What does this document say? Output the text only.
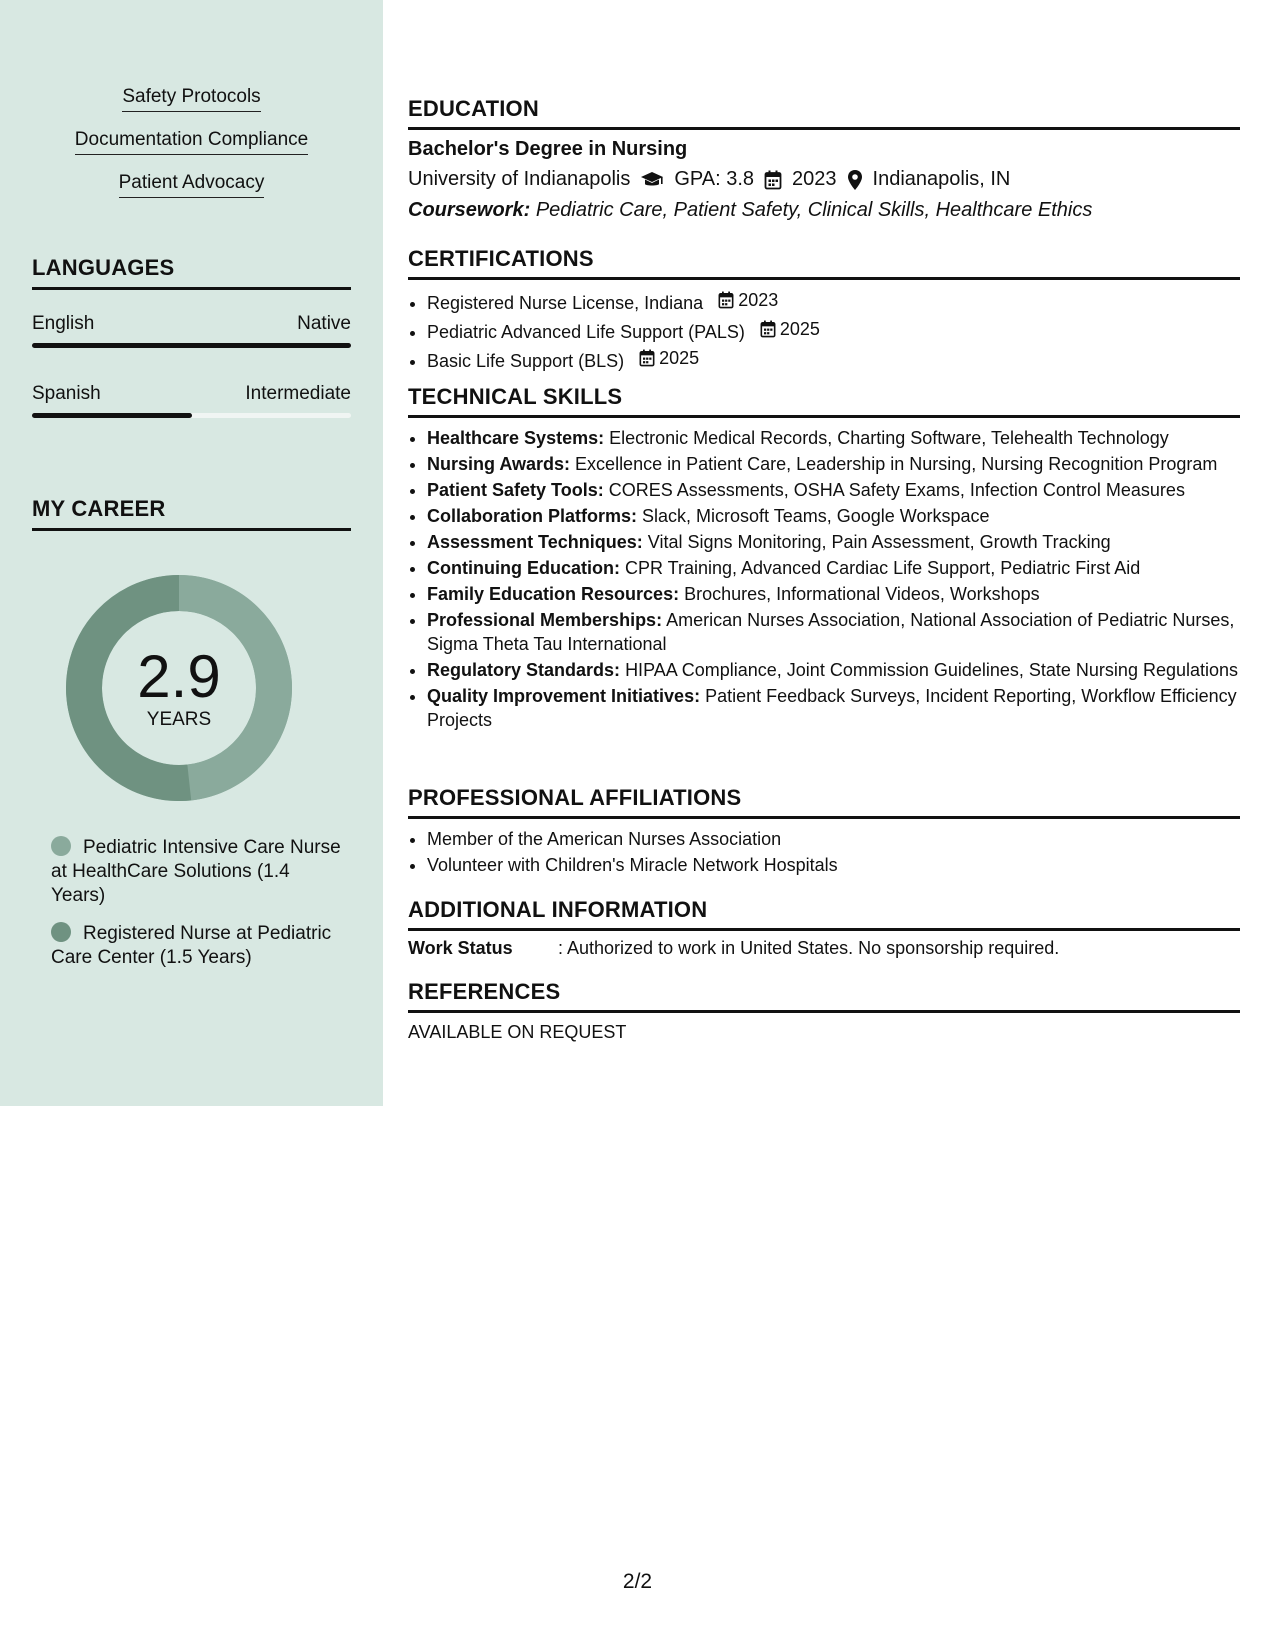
Safety Protocols
Documentation Compliance
Patient Advocacy
LANGUAGES
English	Native
Spanish	Intermediate
MY CAREER
2.9
YEARS
Pediatric Intensive Care Nurse at HealthCare Solutions (1.4 Years)
Registered Nurse at Pediatric Care Center (1.5 Years)
EDUCATION
Bachelor's Degree in Nursing
University of Indianapolis GPA: 3.8 2023 Indianapolis, IN
Coursework: Pediatric Care, Patient Safety, Clinical Skills, Healthcare Ethics
CERTIFICATIONS
• Registered Nurse License, Indiana 2023
• Pediatric Advanced Life Support (PALS) 2025
• Basic Life Support (BLS) 2025
TECHNICAL SKILLS
• Healthcare Systems: Electronic Medical Records, Charting Software, Telehealth Technology
• Nursing Awards: Excellence in Patient Care, Leadership in Nursing, Nursing Recognition Program
• Patient Safety Tools: CORES Assessments, OSHA Safety Exams, Infection Control Measures
• Collaboration Platforms: Slack, Microsoft Teams, Google Workspace
• Assessment Techniques: Vital Signs Monitoring, Pain Assessment, Growth Tracking
• Continuing Education: CPR Training, Advanced Cardiac Life Support, Pediatric First Aid
• Family Education Resources: Brochures, Informational Videos, Workshops
• Professional Memberships: American Nurses Association, National Association of Pediatric Nurses, Sigma Theta Tau International
• Regulatory Standards: HIPAA Compliance, Joint Commission Guidelines, State Nursing Regulations
• Quality Improvement Initiatives: Patient Feedback Surveys, Incident Reporting, Workflow Efficiency Projects
PROFESSIONAL AFFILIATIONS
• Member of the American Nurses Association
• Volunteer with Children's Miracle Network Hospitals
ADDITIONAL INFORMATION
Work Status	: Authorized to work in United States. No sponsorship required.
REFERENCES
AVAILABLE ON REQUEST
2/2
